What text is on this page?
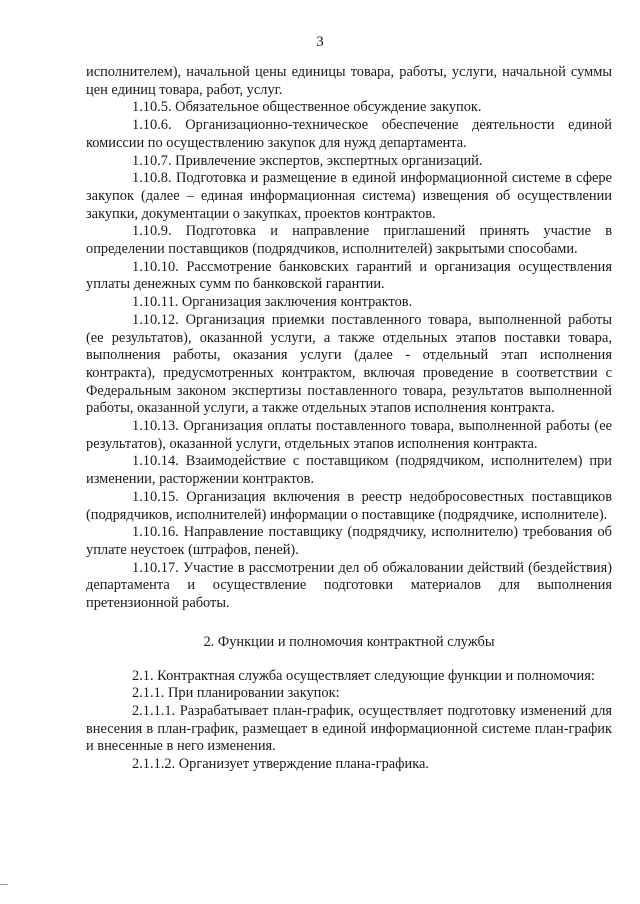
3

исполнителем), начальной цены единицы товара, работы, услуги, начальной суммы цен единиц товара, работ, услуг.

1.10.5. Обязательное общественное обсуждение закупок.

1.10.6. Организационно-техническое обеспечение деятельности единой комиссии по осуществлению закупок для нужд департамента.

1.10.7. Привлечение экспертов, экспертных организаций.

1.10.8. Подготовка и размещение в единой информационной системе в сфере закупок (далее – единая информационная система) извещения об осуществлении закупки, документации о закупках, проектов контрактов.

1.10.9. Подготовка и направление приглашений принять участие в определении поставщиков (подрядчиков, исполнителей) закрытыми способами.

1.10.10. Рассмотрение банковских гарантий и организация осуществления уплаты денежных сумм по банковской гарантии.

1.10.11. Организация заключения контрактов.

1.10.12. Организация приемки поставленного товара, выполненной работы (ее результатов), оказанной услуги, а также отдельных этапов поставки товара, выполнения работы, оказания услуги (далее - отдельный этап исполнения контракта), предусмотренных контрактом, включая проведение в соответствии с Федеральным законом экспертизы поставленного товара, результатов выполненной работы, оказанной услуги, а также отдельных этапов исполнения контракта.

1.10.13. Организация оплаты поставленного товара, выполненной работы (ее результатов), оказанной услуги, отдельных этапов исполнения контракта.

1.10.14. Взаимодействие с поставщиком (подрядчиком, исполнителем) при изменении, расторжении контрактов.

1.10.15. Организация включения в реестр недобросовестных поставщиков (подрядчиков, исполнителей) информации о поставщике (подрядчике, исполнителе).

1.10.16. Направление поставщику (подрядчику, исполнителю) требования об уплате неустоек (штрафов, пеней).

1.10.17. Участие в рассмотрении дел об обжаловании действий (бездействия) департамента и осуществление подготовки материалов для выполнения претензионной работы.

2. Функции и полномочия контрактной службы

2.1. Контрактная служба осуществляет следующие функции и полномочия:

2.1.1. При планировании закупок:

2.1.1.1. Разрабатывает план-график, осуществляет подготовку изменений для внесения в план-график, размещает в единой информационной системе план-график и внесенные в него изменения.

2.1.1.2. Организует утверждение плана-графика.
